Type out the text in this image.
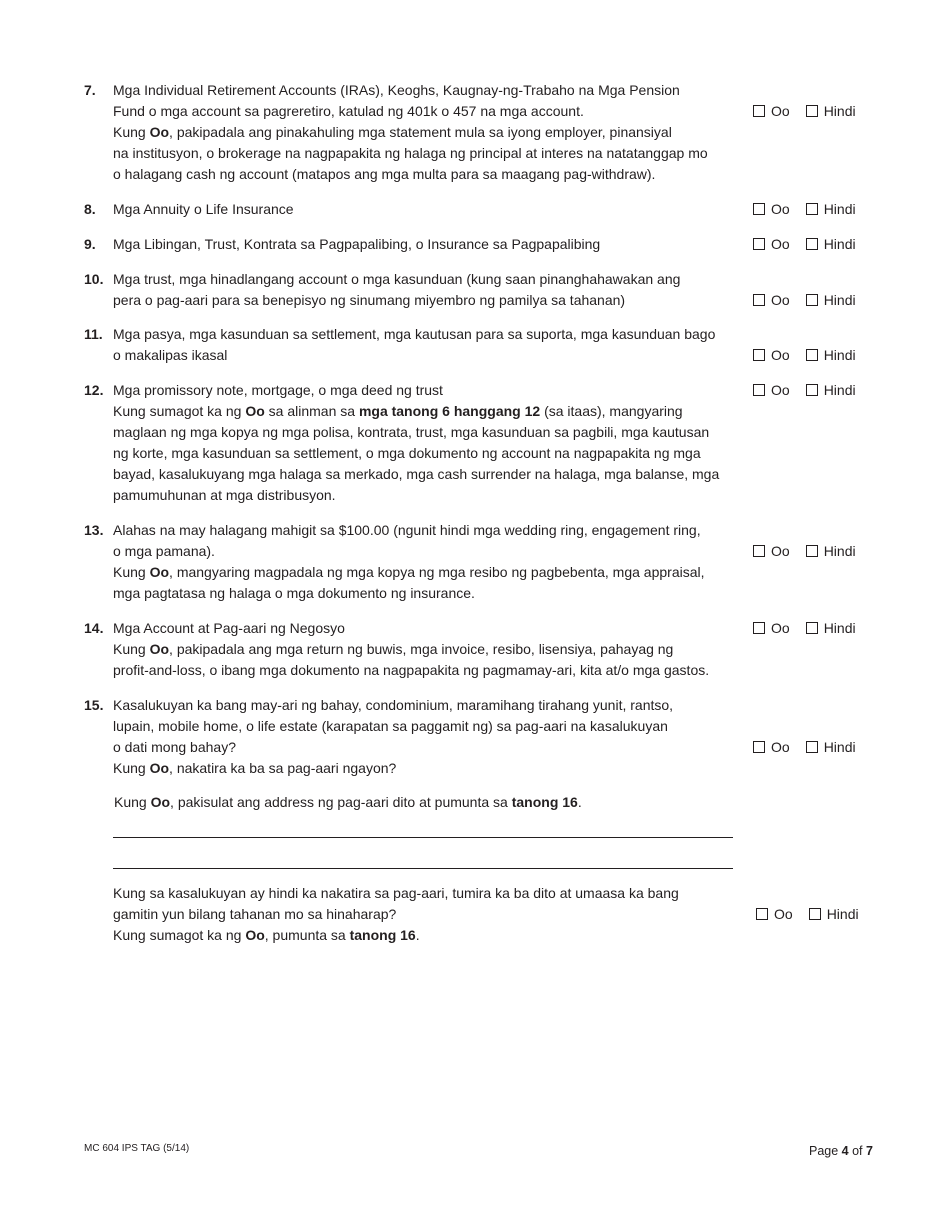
7.	Mga Individual Retirement Accounts (IRAs), Keoghs, Kaugnay-ng-Trabaho na Mga Pension
Fund o mga account sa pagreretiro, katulad ng 401k o 457 na mga account.
Kung Oo, pakipadala ang pinakahuling mga statement mula sa iyong employer, pinansiyal
na institusyon, o brokerage na nagpapakita ng halaga ng principal at interes na natatanggap mo
o halagang cash ng account (matapos ang mga multa para sa maagang pag-withdraw).
Oo Hindi
8.	Mga Annuity o Life Insurance	Oo Hindi
9.	Mga Libingan, Trust, Kontrata sa Pagpapalibing, o Insurance sa Pagpapalibing	Oo Hindi
10. Mga trust, mga hinadlangang account o mga kasunduan (kung saan pinanghahawakan ang
pera o pag-aari para sa benepisyo ng sinumang miyembro ng pamilya sa tahanan)	Oo Hindi
11. Mga pasya, mga kasunduan sa settlement, mga kautusan para sa suporta, mga kasunduan bago
o makalipas ikasal	Oo Hindi
12. Mga promissory note, mortgage, o mga deed ng trust
Kung sumagot ka ng Oo sa alinman sa mga tanong 6 hanggang 12 (sa itaas), mangyaring
maglaan ng mga kopya ng mga polisa, kontrata, trust, mga kasunduan sa pagbili, mga kautusan
ng korte, mga kasunduan sa settlement, o mga dokumento ng account na nagpapakita ng mga
bayad, kasalukuyang mga halaga sa merkado, mga cash surrender na halaga, mga balanse, mga
pamumuhunan at mga distribusyon.
Oo Hindi
13. Alahas na may halagang mahigit sa $100.00 (ngunit hindi mga wedding ring, engagement ring,
o mga pamana).
Kung Oo, mangyaring magpadala ng mga kopya ng mga resibo ng pagbebenta, mga appraisal,
mga pagtatasa ng halaga o mga dokumento ng insurance.
Oo Hindi
14. Mga Account at Pag-aari ng Negosyo
Kung Oo, pakipadala ang mga return ng buwis, mga invoice, resibo, lisensiya, pahayag ng
profit-and-loss, o ibang mga dokumento na nagpapakita ng pagmamay-ari, kita at/o mga gastos.
Oo Hindi
15. Kasalukuyan ka bang may-ari ng bahay, condominium, maramihang tirahang yunit, rantso,
lupain, mobile home, o life estate (karapatan sa paggamit ng) sa pag-aari na kasalukuyan
o dati mong bahay?
Kung Oo, nakatira ka ba sa pag-aari ngayon?
Oo Hindi
Kung Oo, pakisulat ang address ng pag-aari dito at pumunta sa tanong 16.
Kung sa kasalukuyan ay hindi ka nakatira sa pag-aari, tumira ka ba dito at umaasa ka bang
gamitin yun bilang tahanan mo sa hinaharap?
Kung sumagot ka ng Oo, pumunta sa tanong 16.
Oo Hindi
MC 604 IPS TAG (5/14)	Page 4 of 7
